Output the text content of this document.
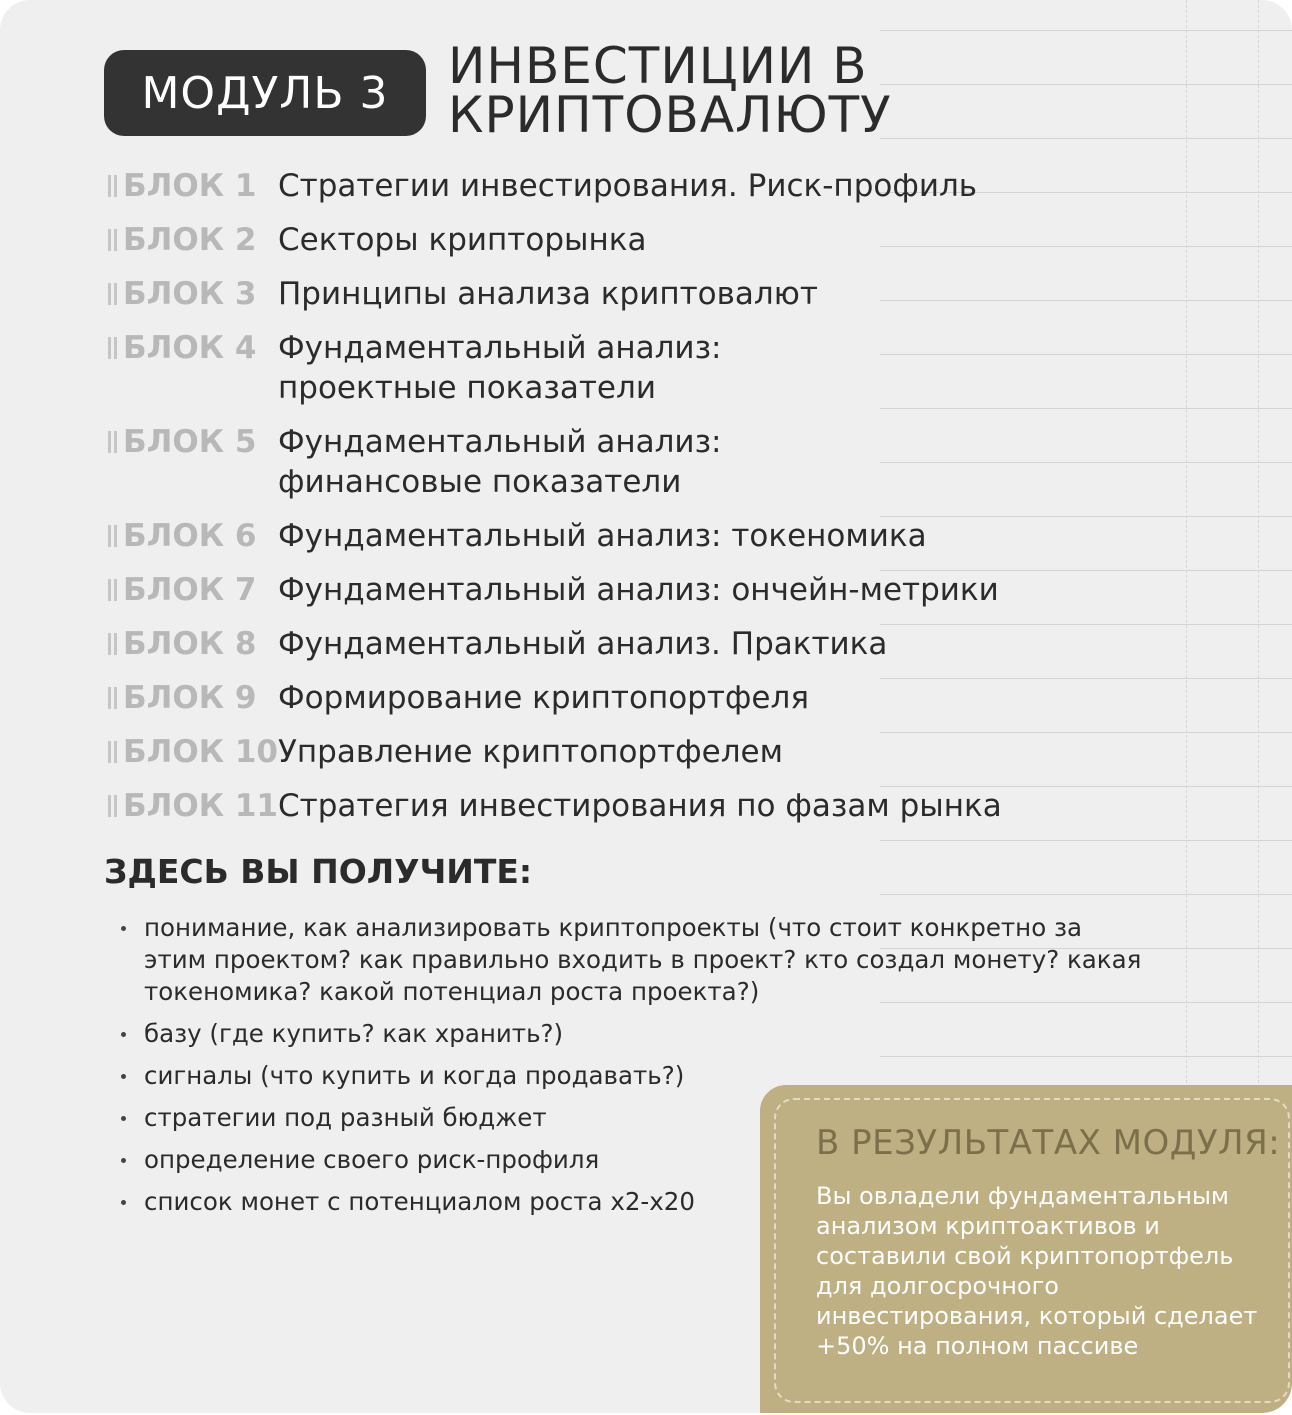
МОДУЛЬ 3 ИНВЕСТИЦИИ В
КРИПТОВАЛЮТУ
БЛОК 1 Стратегии инвестирования. Риск-профиль
БЛОК 2 Секторы крипторынка
БЛОК 3 Принципы анализа криптовалют
БЛОК 4 Фундаментальный анализ:
проектные показатели
БЛОК 5 Фундаментальный анализ:
финансовые показатели
БЛОК 6 Фундаментальный анализ: токеномика
БЛОК 7 Фундаментальный анализ: ончейн-метрики
БЛОК 8 Фундаментальный анализ. Практика
БЛОК 9 Формирование криптопортфеля
БЛОК 10 Управление криптопортфелем
БЛОК 11 Стратегия инвестирования по фазам рынка
ЗДЕСЬ ВЫ ПОЛУЧИТЕ:
понимание, как анализировать криптопроекты (что стоит конкретно за этим проектом? как правильно входить в проект? кто создал монету? какая токеномика? какой потенциал роста проекта?)
базу (где купить? как хранить?)
сигналы (что купить и когда продавать?)
стратегии под разный бюджет
определение своего риск-профиля
список монет с потенциалом роста x2-x20
В РЕЗУЛЬТАТАХ МОДУЛЯ:
Вы овладели фундаментальным анализом криптоактивов и составили свой криптопортфель для долгосрочного инвестирования, который сделает +50% на полном пассиве
